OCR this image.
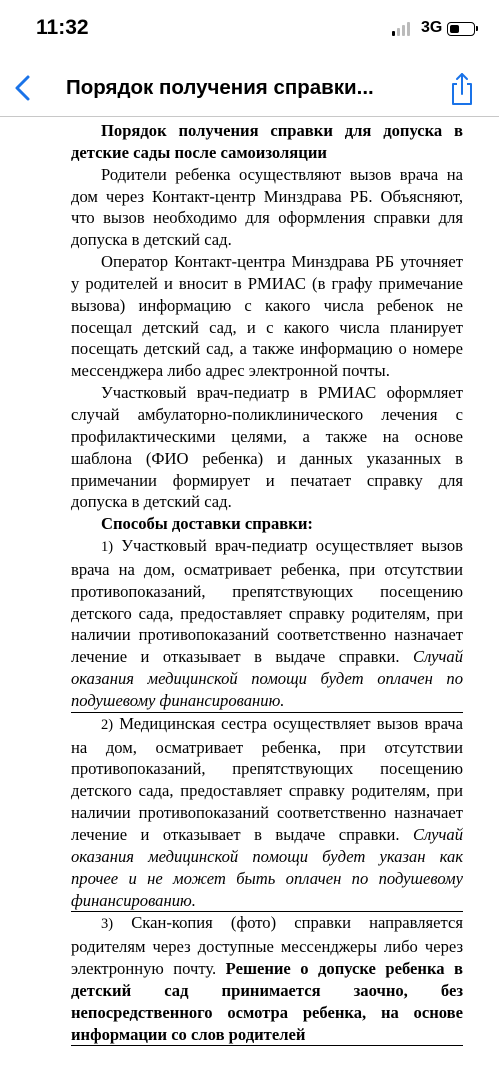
11:32	3G
Порядок получения справки...

Порядок получения справки для допуска в детские сады после самоизоляции

Родители ребенка осуществляют вызов врача на дом через Контакт-центр Минздрава РБ. Объясняют, что вызов необходимо для оформления справки для допуска в детский сад.

Оператор Контакт-центра Минздрава РБ уточняет у родителей и вносит в РМИАС (в графу примечание вызова) информацию с какого числа ребенок не посещал детский сад, и с какого числа планирует посещать детский сад, а также информацию о номере мессенджера либо адрес электронной почты.

Участковый врач-педиатр в РМИАС оформляет случай амбулаторно-поликлинического лечения с профилактическими целями, а также на основе шаблона (ФИО ребенка) и данных указанных в примечании формирует и печатает справку для допуска в детский сад.

Способы доставки справки:

1) Участковый врач-педиатр осуществляет вызов врача на дом, осматривает ребенка, при отсутствии противопоказаний, препятствующих посещению детского сада, предоставляет справку родителям, при наличии противопоказаний соответственно назначает лечение и отказывает в выдаче справки. Случай оказания медицинской помощи будет оплачен по подушевому финансированию.

2) Медицинская сестра осуществляет вызов врача на дом, осматривает ребенка, при отсутствии противопоказаний, препятствующих посещению детского сада, предоставляет справку родителям, при наличии противопоказаний соответственно назначает лечение и отказывает в выдаче справки. Случай оказания медицинской помощи будет указан как прочее и не может быть оплачен по подушевому финансированию.

3) Скан-копия (фото) справки направляется родителям через доступные мессенджеры либо через электронную почту. Решение о допуске ребенка в детский сад принимается заочно, без непосредственного осмотра ребенка, на основе информации со слов родителей
